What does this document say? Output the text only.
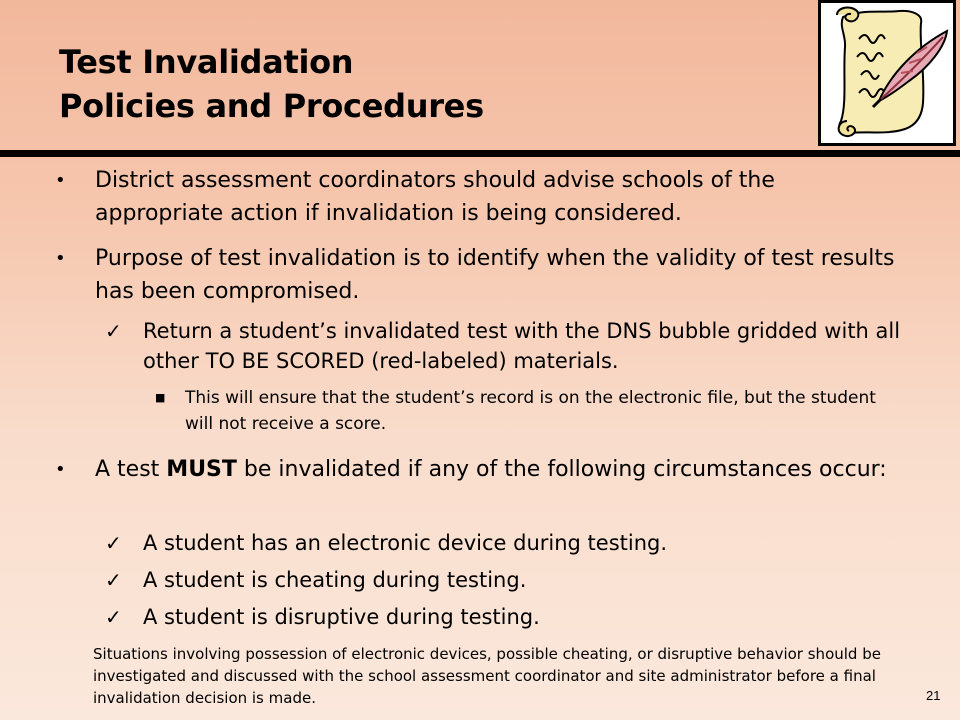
Test Invalidation
Policies and Procedures
•	District assessment coordinators should advise schools of the appropriate action if invalidation is being considered.
•	Purpose of test invalidation is to identify when the validity of test results has been compromised.
✓ Return a student’s invalidated test with the DNS bubble gridded with all other TO BE SCORED (red-labeled) materials.
■ This will ensure that the student’s record is on the electronic file, but the student will not receive a score.
•	A test MUST be invalidated if any of the following circumstances occur:
✓ A student has an electronic device during testing.
✓ A student is cheating during testing.
✓ A student is disruptive during testing.
Situations involving possession of electronic devices, possible cheating, or disruptive behavior should be investigated and discussed with the school assessment coordinator and site administrator before a final invalidation decision is made.	21
